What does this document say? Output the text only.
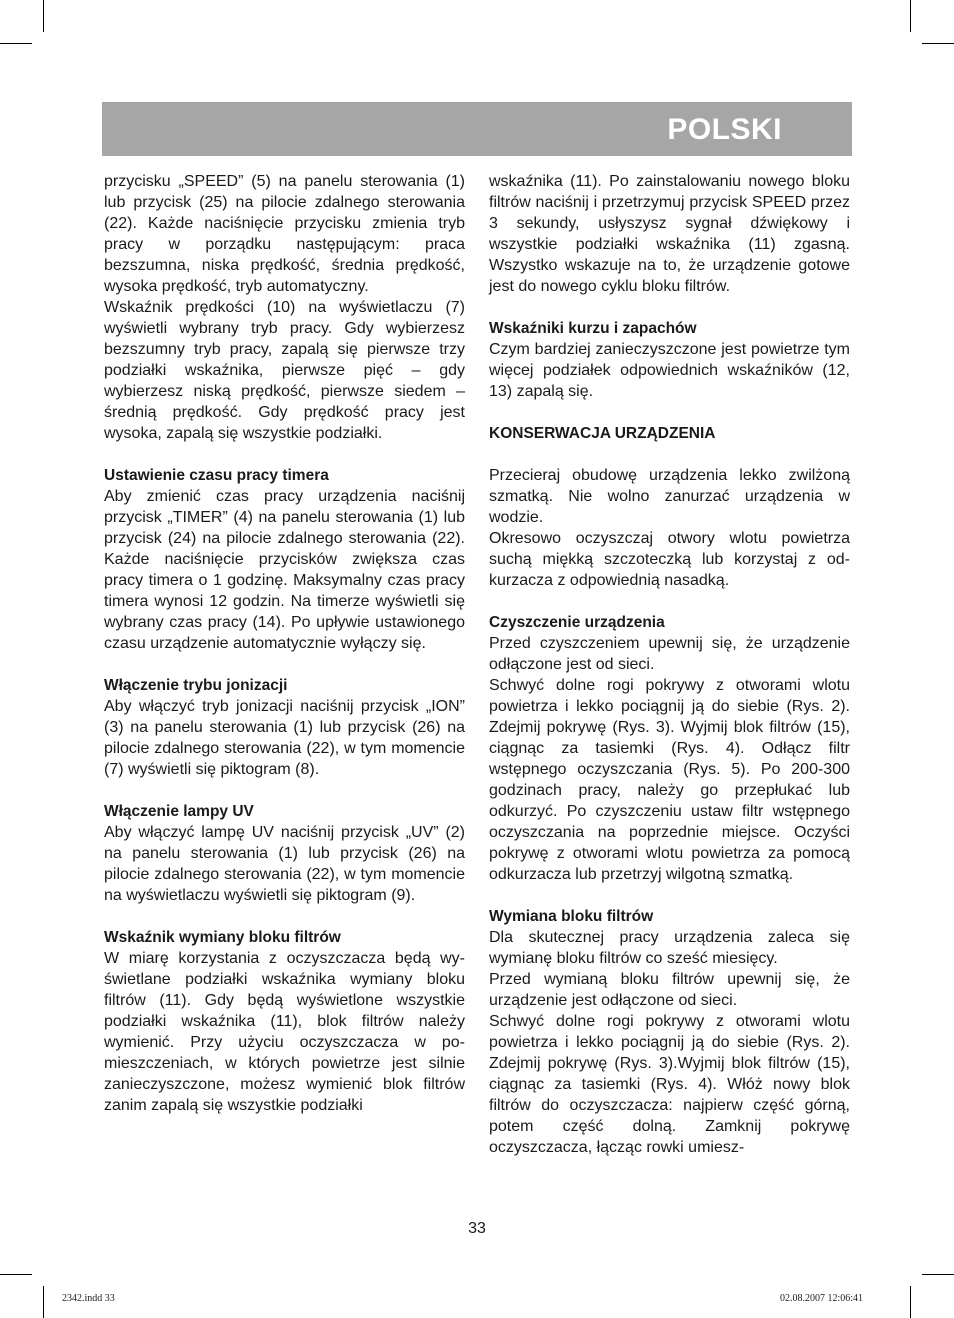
POLSKI

przycisku „SPEED” (5) na panelu sterowania (1) lub przycisk (25) na pilocie zdalnego sterowania (22). Każde naciśnięcie przycisku zmienia tryb pracy w porządku następującym: praca bezszumna, niska prędkość, średnia prędkość, wysoka prędkość, tryb automatyczny.

Wskaźnik prędkości (10) na wyświetlaczu (7) wyświetli wybrany tryb pracy. Gdy wybierzesz bezszumny tryb pracy, zapalą się pierwsze trzy podziałki wskaźnika, pierwsze pięć – gdy wybierzesz niską prędkość, pierwsze siedem – średnią prędkość. Gdy prędkość pracy jest wysoka, zapalą się wszystkie podziałki.

Ustawienie czasu pracy timera

Aby zmienić czas pracy urządzenia naciśnij przycisk „TIMER” (4) na panelu sterowania (1) lub przycisk (24) na pilocie zdalnego sterowania (22). Każde naciśnięcie przycisków zwiększa czas pracy timera o 1 godzinę. Maksymalny czas pracy timera wynosi 12 godzin. Na timerze wyświetli się wybrany czas pracy (14). Po upływie ustawionego czasu urządzenie automatycznie wyłączy się.

Włączenie trybu jonizacji

Aby włączyć tryb jonizacji naciśnij przycisk „ION” (3) na panelu sterowania (1) lub przycisk (26) na pilocie zdalnego sterowania (22), w tym momencie (7) wyświetli się piktogram (8).

Włączenie lampy UV

Aby włączyć lampę UV naciśnij przycisk „UV” (2) na panelu sterowania (1) lub przycisk (26) na pilocie zdalnego sterowania (22), w tym momencie na wyświetlaczu wyświetli się piktogram (9).

Wskaźnik wymiany bloku filtrów

W miarę korzystania z oczyszczacza będą wyświetlane podziałki wskaźnika wymiany bloku filtrów (11). Gdy będą wyświetlone wszystkie podziałki wskaźnika (11), blok filtrów należy wymienić. Przy użyciu oczyszczacza w pomieszczeniach, w których powietrze jest silnie zanieczyszczone, możesz wymienić blok filtrów zanim zapalą się wszystkie podziałki

wskaźnika (11). Po zainstalowaniu nowego bloku filtrów naciśnij i przetrzymuj przycisk SPEED przez 3 sekundy, usłyszysz sygnał dźwiękowy i wszystkie podziałki wskaźnika (11) zgasną. Wszystko wskazuje na to, że urządzenie gotowe jest do nowego cyklu bloku filtrów.

Wskaźniki kurzu i zapachów

Czym bardziej zanieczyszczone jest powietrze tym więcej podziałek odpowiednich wskaźników (12, 13) zapalą się.

KONSERWACJA URZĄDZENIA

Przecieraj obudowę urządzenia lekko zwilżoną szmatką. Nie wolno zanurzać urządzenia w wodzie.

Okresowo oczyszczaj otwory wlotu powietrza suchą miękką szczoteczką lub korzystaj z odkurzacza z odpowiednią nasadką.

Czyszczenie urządzenia

Przed czyszczeniem upewnij się, że urządzenie odłączone jest od sieci.

Schwyć dolne rogi pokrywy z otworami wlotu powietrza i lekko pociągnij ją do siebie (Rys. 2). Zdejmij pokrywę (Rys. 3). Wyjmij blok filtrów (15), ciągnąc za tasiemki (Rys. 4). Odłącz filtr wstępnego oczyszczania (Rys. 5). Po 200-300 godzinach pracy, należy go przepłukać lub odkurzyć. Po czyszczeniu ustaw filtr wstępnego oczyszczania na poprzednie miejsce. Oczyści pokrywę z otworami wlotu powietrza za pomocą odkurzacza lub przetrzyj wilgotną szmatką.

Wymiana bloku filtrów

Dla skutecznej pracy urządzenia zaleca się wymianę bloku filtrów co sześć miesięcy.

Przed wymianą bloku filtrów upewnij się, że urządzenie jest odłączone od sieci.

Schwyć dolne rogi pokrywy z otworami wlotu powietrza i lekko pociągnij ją do siebie (Rys. 2). Zdejmij pokrywę (Rys. 3).Wyjmij blok filtrów (15), ciągnąc za tasiemki (Rys. 4). Włóż nowy blok filtrów do oczyszczacza: najpierw część górną, potem część dolną. Zamknij pokrywę oczyszczacza, łącząc rowki umiesz-

33
2342.indd 33	02.08.2007 12:06:41
